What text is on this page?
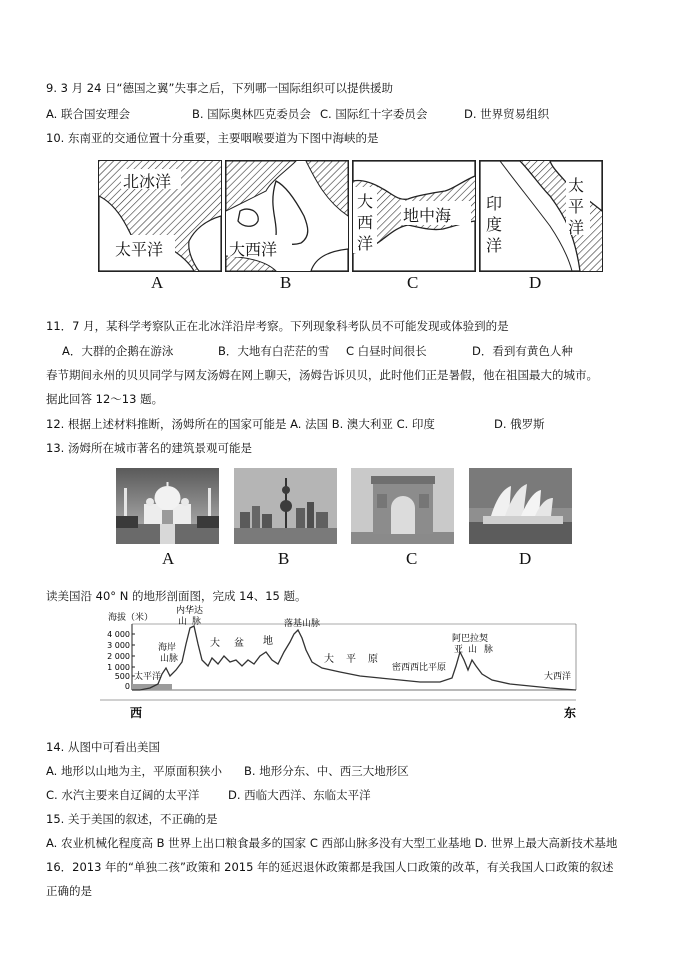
9. 3 月 24 日“德国之翼”失事之后，下列哪一国际组织可以提供援助
A. 联合国安理会	B. 国际奥林匹克委员会 C. 国际红十字委员会	D. 世界贸易组织
10. 东南亚的交通位置十分重要，主要咽喉要道为下图中海峡的是
北冰洋
太平洋	大西洋
大
西
洋
地中海
印
度
洋
太
平
洋
A	B	C	D
11．7 月，某科学考察队正在北冰洋沿岸考察。下列现象科考队员不可能发现或体验到的是
A．大群的企鹅在游泳	B．大地有白茫茫的雪 C 白昼时间很长	D．看到有黄色人种
春节期间永州的贝贝同学与网友汤姆在网上聊天，汤姆告诉贝贝，此时他们正是暑假，他在祖国最大的城市。
据此回答 12～13 题。
12. 根据上述材料推断，汤姆所在的国家可能是 A. 法国 B. 澳大利亚 C. 印度	D. 俄罗斯
13. 汤姆所在城市著名的建筑景观可能是
A	B	C	D
读美国沿 40° N 的地形剖面图，完成 14、15 题。
海拔（米）
4 000
3 000
2 000
1 000
500
0
太平洋
海岸
山脉
内华达
山 脉
大 盆 地
落基山脉
大 平 原
密西西比平原
阿巴拉契
亚 山 脉
大西洋
西	东
14. 从图中可看出美国
A. 地形以山地为主，平原面积狭小 B. 地形分东、中、西三大地形区
C. 水汽主要来自辽阔的太平洋 D. 西临大西洋、东临太平洋
15. 关于美国的叙述，不正确的是
A. 农业机械化程度高 B 世界上出口粮食最多的国家 C 西部山脉多没有大型工业基地 D. 世界上最大高新技术基地
16．2013 年的“单独二孩”政策和 2015 年的延迟退休政策都是我国人口政策的改革，有关我国人口政策的叙述
正确的是
